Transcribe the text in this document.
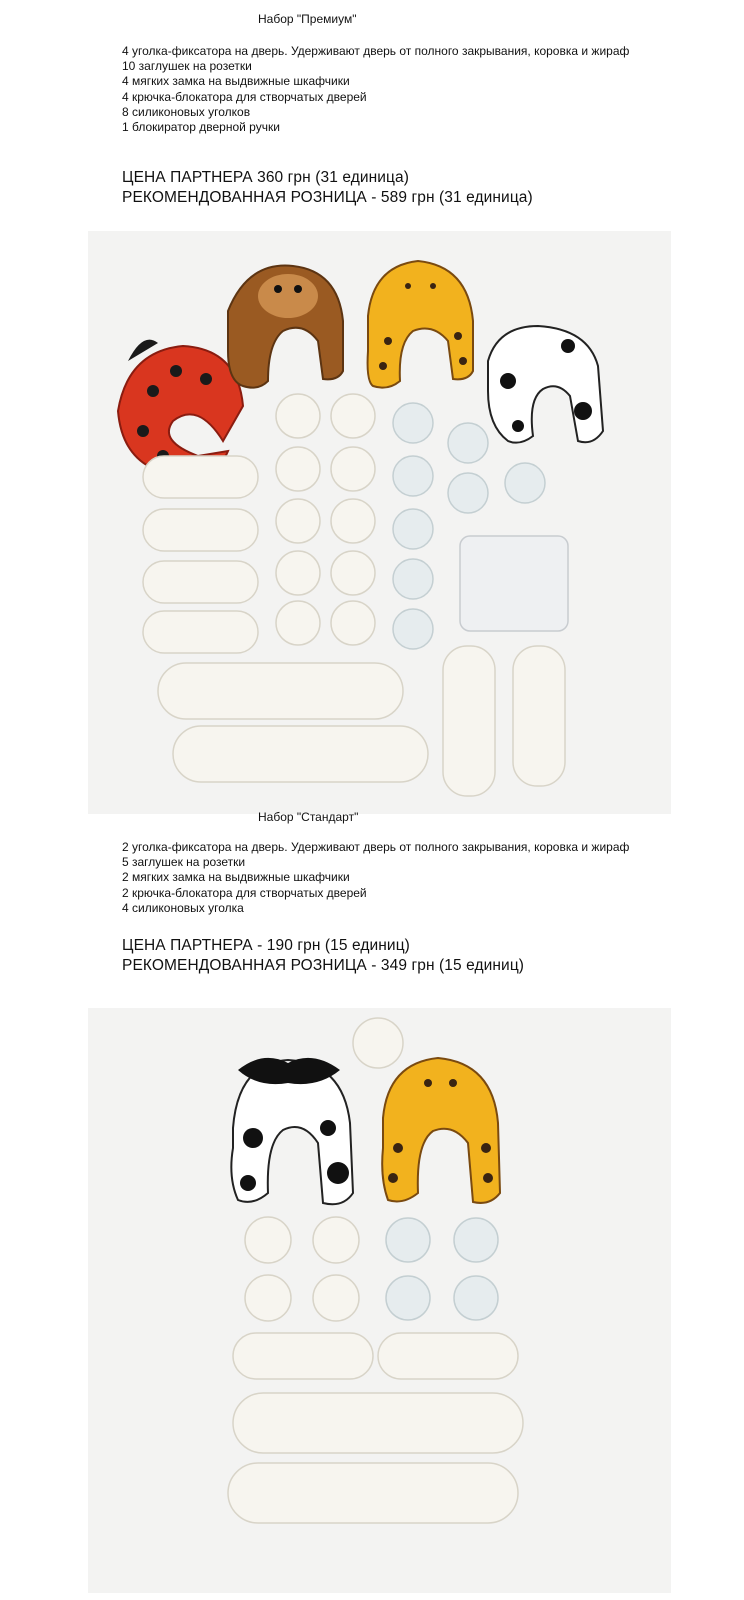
Набор "Премиум"
4 уголка-фиксатора на дверь. Удерживают дверь от полного закрывания, коровка и жираф
10 заглушек на розетки
4 мягких замка на выдвижные шкафчики
4 крючка-блокатора для створчатых дверей
8 силиконовых уголков
1 блокиратор дверной ручки
ЦЕНА ПАРТНЕРА 360 грн (31 единица)
РЕКОМЕНДОВАННАЯ РОЗНИЦА - 589 грн (31 единица)
Набор "Стандарт"
2 уголка-фиксатора на дверь. Удерживают дверь от полного закрывания, коровка и жираф
5 заглушек на розетки
2 мягких замка на выдвижные шкафчики
2 крючка-блокатора для створчатых дверей
4 силиконовых уголка
ЦЕНА ПАРТНЕРА - 190 грн (15 единиц)
РЕКОМЕНДОВАННАЯ РОЗНИЦА - 349 грн (15 единиц)
